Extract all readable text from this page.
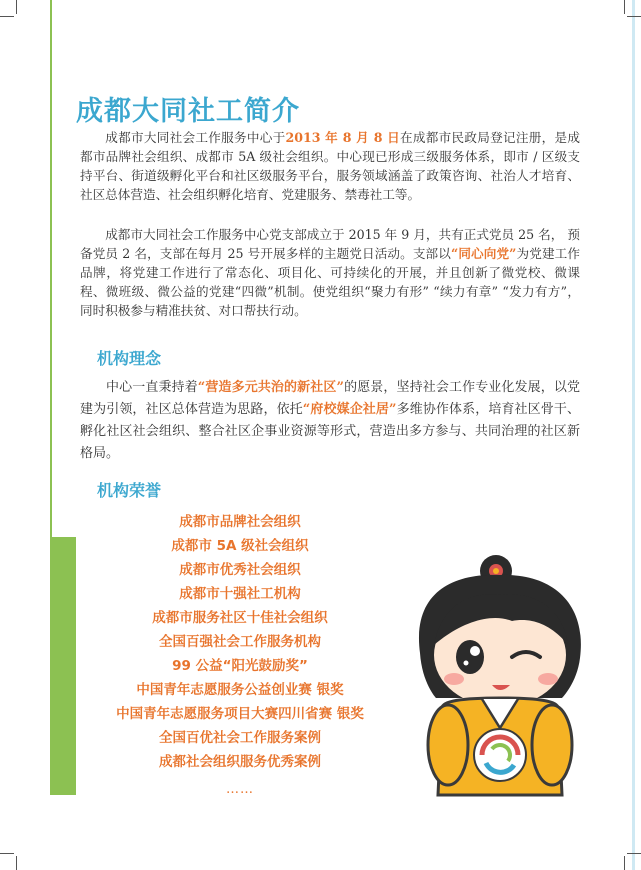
成都大同社工简介

成都市大同社会工作服务中心于2013 年 8 月 8 日在成都市民政局登记注册，是成都市品牌社会组织、成都市 5A 级社会组织。中心现已形成三级服务体系，即市 / 区级支持平台、街道级孵化平台和社区级服务平台，服务领域涵盖了政策咨询、社治人才培育、社区总体营造、社会组织孵化培育、党建服务、禁毒社工等。

成都市大同社会工作服务中心党支部成立于 2015 年 9 月，共有正式党员 25 名， 预备党员 2 名，支部在每月 25 号开展多样的主题党日活动。支部以“同心向党”为党建工作品牌，将党建工作进行了常态化、项目化、可持续化的开展，并且创新了微党校、微课程、微班级、微公益的党建“四微”机制。使党组织“聚力有形” “续力有章” “发力有方”，同时积极参与精准扶贫、对口帮扶行动。

机构理念

中心一直秉持着“营造多元共治的新社区”的愿景，坚持社会工作专业化发展，以党建为引领，社区总体营造为思路，依托“府校媒企社居”多维协作体系，培育社区骨干、孵化社区社会组织、整合社区企事业资源等形式，营造出多方参与、共同治理的社区新格局。

机构荣誉
成都市品牌社会组织
成都市 5A 级社会组织
成都市优秀社会组织
成都市十强社工机构
成都市服务社区十佳社会组织
全国百强社会工作服务机构
99 公益“阳光鼓励奖”
中国青年志愿服务公益创业赛 银奖
中国青年志愿服务项目大赛四川省赛 银奖
全国百优社会工作服务案例
成都社会组织服务优秀案例
……
